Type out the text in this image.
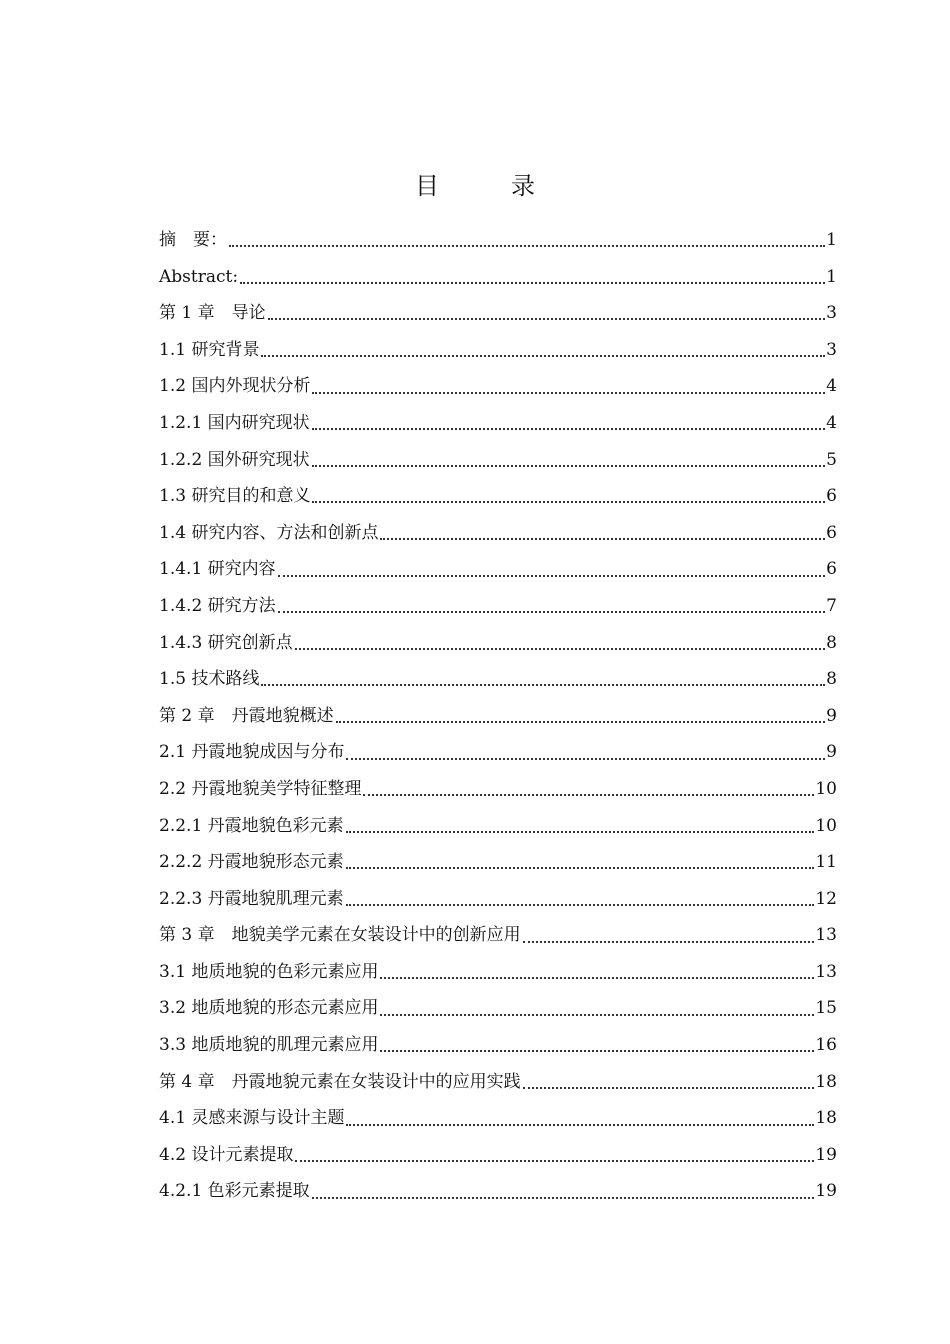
目　录
摘　要：	1
Abstract:	1
第 1 章　导论	3
1.1 研究背景	3
1.2 国内外现状分析	4
1.2.1 国内研究现状	4
1.2.2 国外研究现状	5
1.3 研究目的和意义	6
1.4 研究内容、方法和创新点	6
1.4.1 研究内容	6
1.4.2 研究方法	7
1.4.3 研究创新点	8
1.5 技术路线	8
第 2 章　丹霞地貌概述	9
2.1 丹霞地貌成因与分布	9
2.2 丹霞地貌美学特征整理	10
2.2.1 丹霞地貌色彩元素	10
2.2.2 丹霞地貌形态元素	11
2.2.3 丹霞地貌肌理元素	12
第 3 章　地貌美学元素在女装设计中的创新应用	13
3.1 地质地貌的色彩元素应用	13
3.2 地质地貌的形态元素应用	15
3.3 地质地貌的肌理元素应用	16
第 4 章　丹霞地貌元素在女装设计中的应用实践	18
4.1 灵感来源与设计主题	18
4.2 设计元素提取	19
4.2.1 色彩元素提取	19
